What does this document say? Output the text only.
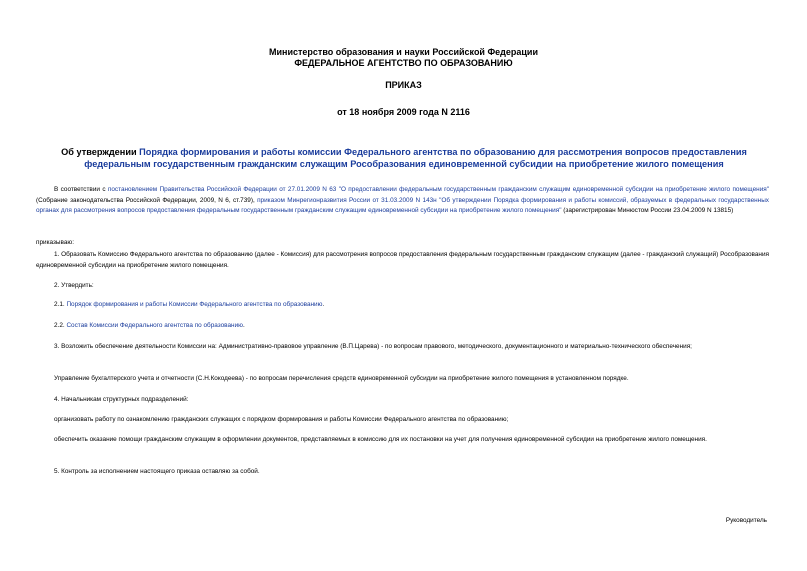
Министерство образования и науки Российской Федерации
ФЕДЕРАЛЬНОЕ АГЕНТСТВО ПО ОБРАЗОВАНИЮ
ПРИКАЗ
от 18 ноября 2009 года N 2116
Об утверждении Порядка формирования и работы комиссии Федерального агентства по образованию для рассмотрения вопросов предоставления федеральным государственным гражданским служащим Рособразования единовременной субсидии на приобретение жилого помещения
В соответствии с постановлением Правительства Российской Федерации от 27.01.2009 N 63 "О предоставлении федеральным государственным гражданским служащим единовременной субсидии на приобретение жилого помещения" (Собрание законодательства Российской Федерации, 2009, N 6, ст.739), приказом Минрегионразвития России от 31.03.2009 N 143н "Об утверждении Порядка формирования и работы комиссий, образуемых в федеральных государственных органах для рассмотрения вопросов предоставления федеральным государственным гражданским служащим единовременной субсидии на приобретение жилого помещения" (зарегистрирован Минюстом России 23.04.2009 N 13815)
приказываю:
1. Образовать Комиссию Федерального агентства по образованию (далее - Комиссия) для рассмотрения вопросов предоставления федеральным государственным гражданским служащим (далее - гражданский служащий) Рособразования единовременной субсидии на приобретение жилого помещения.
2. Утвердить:
2.1. Порядок формирования и работы Комиссии Федерального агентства по образованию.
2.2. Состав Комиссии Федерального агентства по образованию.
3. Возложить обеспечение деятельности Комиссии на: Административно-правовое управление (В.П.Царева) - по вопросам правового, методического, документационного и материально-технического обеспечения;
Управление бухгалтерского учета и отчетности (С.Н.Кокодеева) - по вопросам перечисления средств единовременной субсидии на приобретение жилого помещения в установленном порядке.
4. Начальникам структурных подразделений:
организовать работу по ознакомлению гражданских служащих с порядком формирования и работы Комиссии Федерального агентства по образованию;
обеспечить оказание помощи гражданским служащим в оформлении документов, представляемых в комиссию для их постановки на учет для получения единовременной субсидии на приобретение жилого помещения.
5. Контроль за исполнением настоящего приказа оставляю за собой.
Руководитель
